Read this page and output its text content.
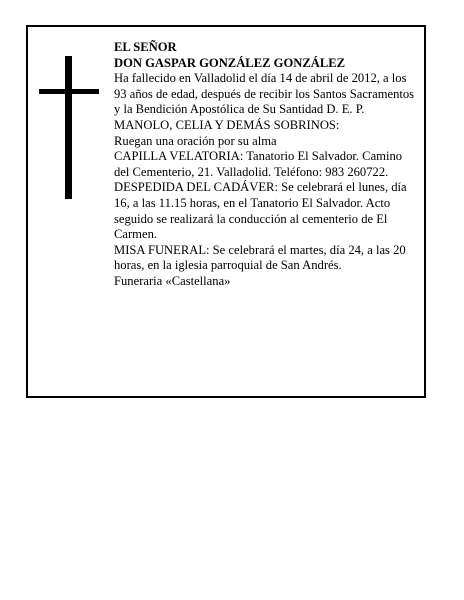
EL SEÑOR

DON GASPAR GONZÁLEZ GONZÁLEZ

Ha fallecido en Valladolid el día 14 de abril de 2012, a los 93 años de edad, después de recibir los Santos Sacramentos y la Bendición Apostólica de Su Santidad D. E. P.

MANOLO, CELIA Y DEMÁS SOBRINOS:

Ruegan una oración por su alma

CAPILLA VELATORIA: Tanatorio El Salvador. Camino del Cementerio, 21. Valladolid. Teléfono: 983 260722.

DESPEDIDA DEL CADÁVER: Se celebrará el lunes, día 16, a las 11.15 horas, en el Tanatorio El Salvador. Acto seguido se realizará la conducción al cementerio de El Carmen.

MISA FUNERAL: Se celebrará el martes, día 24, a las 20 horas, en la iglesia parroquial de San Andrés.

Funeraria «Castellana»
